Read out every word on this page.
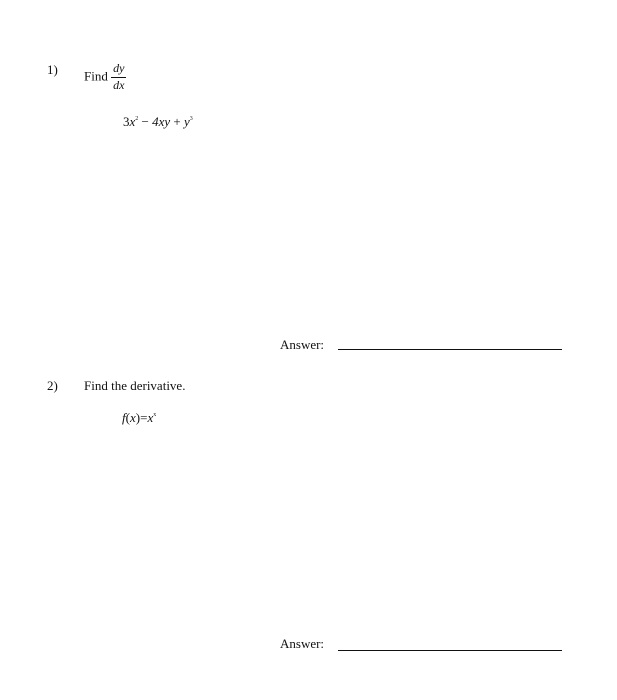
1) Find $\frac{dy}{dx}$
$3x^2 - 4xy + y^3$
Answer:
2) Find the derivative.
$f(x)=x^x$
Answer:
